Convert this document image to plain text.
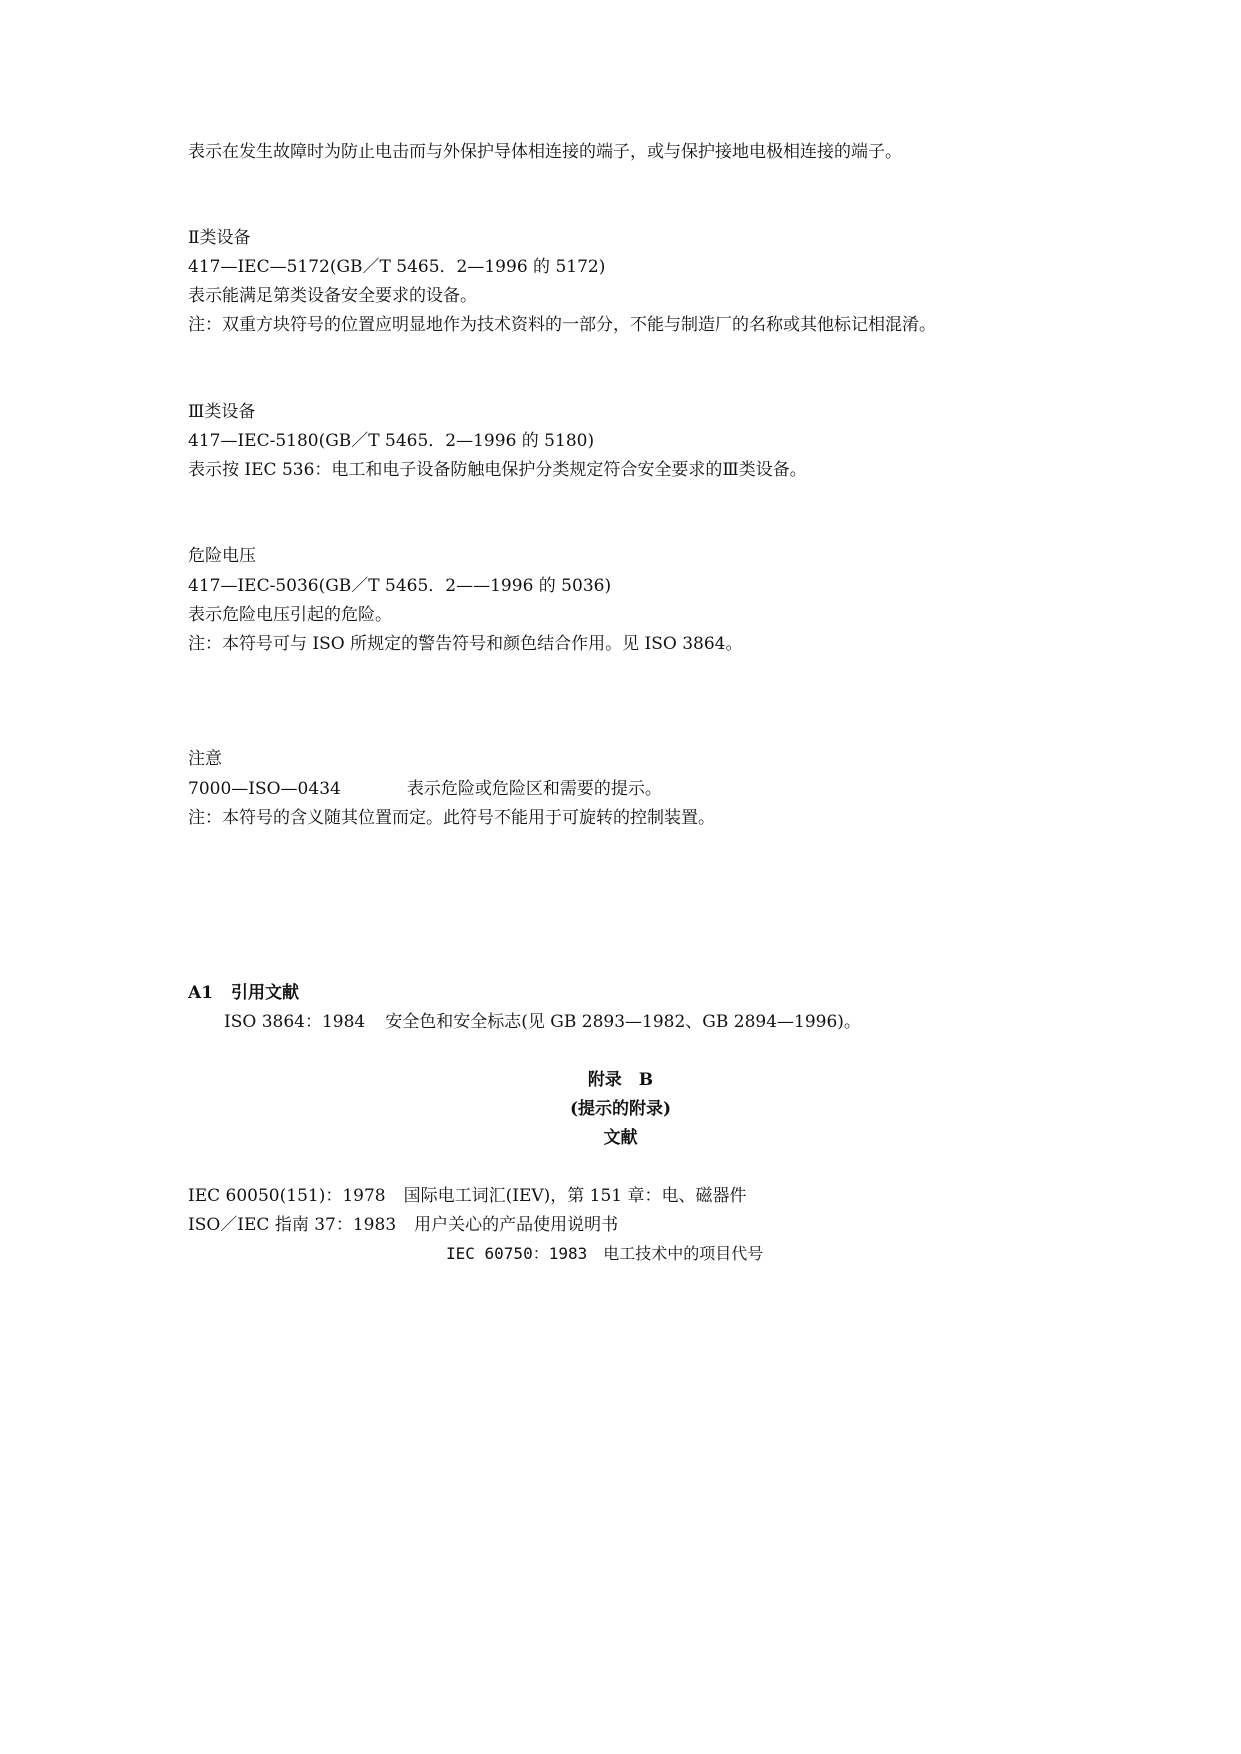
表示在发生故障时为防止电击而与外保护导体相连接的端子，或与保护接地电极相连接的端子。
Ⅱ类设备
417—IEC—5172(GB／T 5465．2—1996 的 5172)
表示能满足第类设备安全要求的设备。
注：双重方块符号的位置应明显地作为技术资料的一部分，不能与制造厂的名称或其他标记相混淆。
Ⅲ类设备
417—IEC-5180(GB／T 5465．2—1996 的 5180)
表示按 IEC 536：电工和电子设备防触电保护分类规定符合安全要求的Ⅲ类设备。
危险电压
417—IEC-5036(GB／T 5465．2——1996 的 5036)
表示危险电压引起的危险。
注：本符号可与 ISO 所规定的警告符号和颜色结合作用。见 ISO 3864。
注意
7000—ISO—0434	表示危险或危险区和需要的提示。
注：本符号的含义随其位置而定。此符号不能用于可旋转的控制装置。
A1 引用文献
ISO 3864：1984 安全色和安全标志(见 GB 2893—1982、GB 2894—1996)。
附录　B
(提示的附录)
文献
IEC 60050(151)：1978 国际电工词汇(IEV)，第 151 章：电、磁器件
ISO／IEC 指南 37：1983 用户关心的产品使用说明书
IEC 60750：1983 电工技术中的项目代号
